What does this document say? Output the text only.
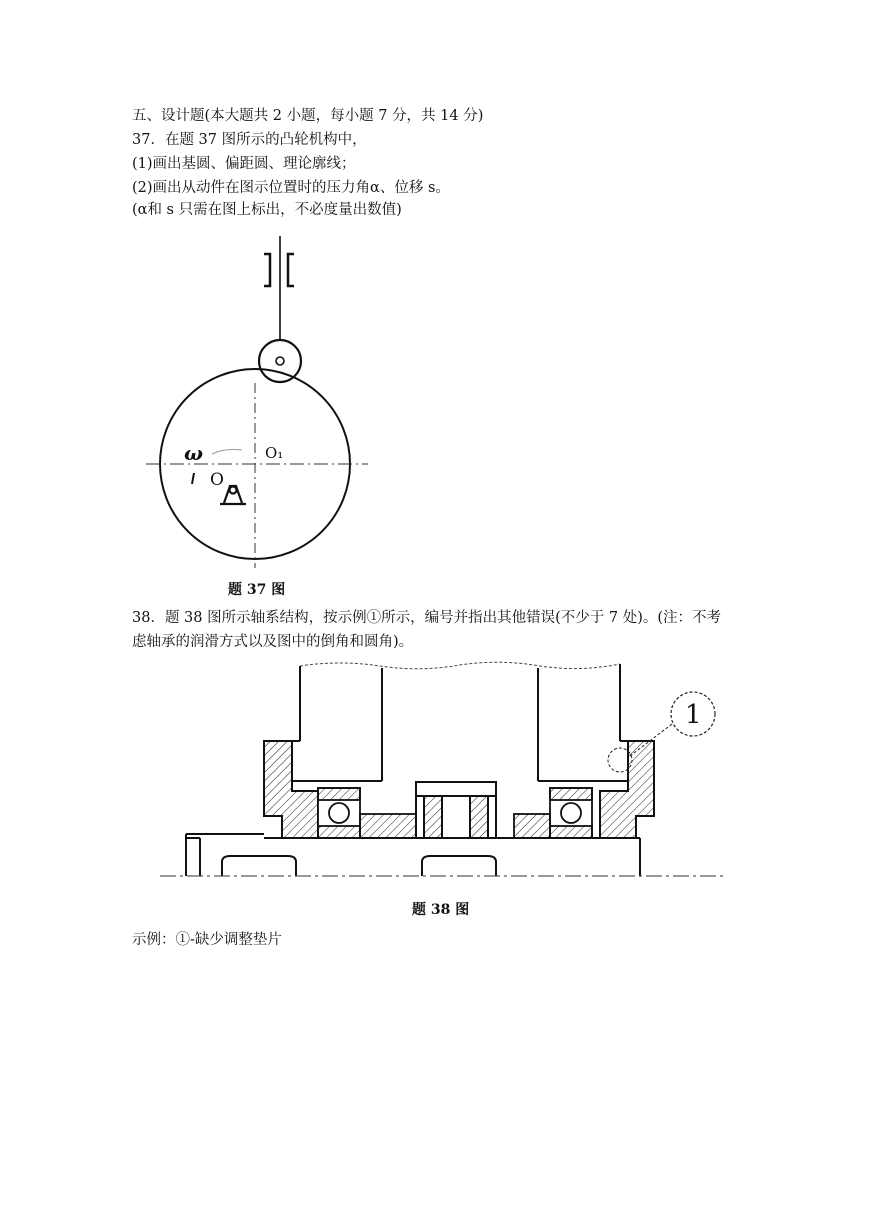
五、设计题(本大题共 2 小题，每小题 7 分，共 14 分)
37．在题 37 图所示的凸轮机构中，
(1)画出基圆、偏距圆、理论廓线；
(2)画出从动件在图示位置时的压力角α、位移 s。
(α和 s 只需在图上标出，不必度量出数值)
ω	O₁
O
题 37 图
38．题 38 图所示轴系结构，按示例①所示，编号并指出其他错误(不少于 7 处)。(注：不考
虑轴承的润滑方式以及图中的倒角和圆角)。
1
题 38 图
示例：①-缺少调整垫片
